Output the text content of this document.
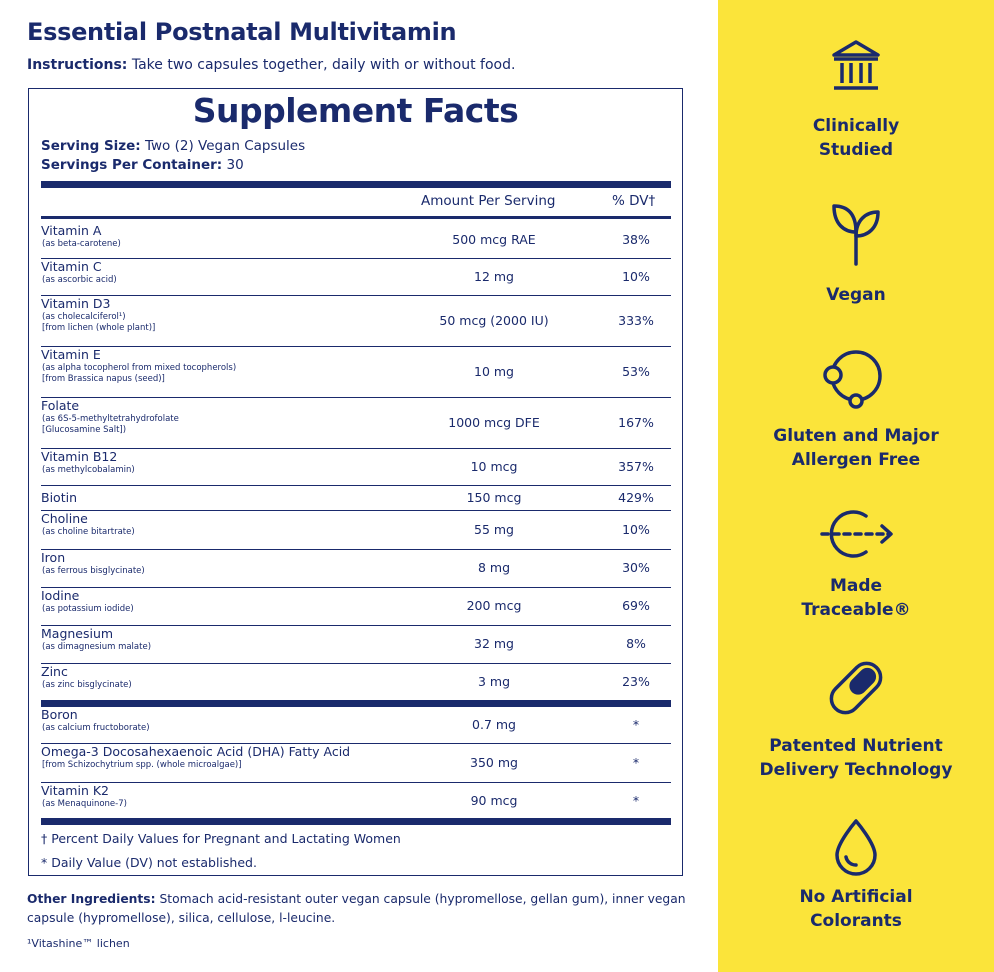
Essential Postnatal Multivitamin
Instructions: Take two capsules together, daily with or without food.
Supplement Facts
Serving Size: Two (2) Vegan Capsules
Servings Per Container: 30
Amount Per Serving	% DV†
Vitamin A
(as beta-carotene)	500 mcg RAE	38%
Vitamin C
(as ascorbic acid)	12 mg	10%
Vitamin D3
(as cholecalciferol¹)
[from lichen (whole plant)]	50 mcg (2000 IU)	333%
Vitamin E
(as alpha tocopherol from mixed tocopherols)
[from Brassica napus (seed)]	10 mg	53%
Folate
(as 6S-5-methyltetrahydrofolate
[Glucosamine Salt])	1000 mcg DFE	167%
Vitamin B12
(as methylcobalamin)	10 mcg	357%
Biotin	150 mcg	429%
Choline
(as choline bitartrate)	55 mg	10%
Iron
(as ferrous bisglycinate)	8 mg	30%
Iodine
(as potassium iodide)	200 mcg	69%
Magnesium
(as dimagnesium malate)	32 mg	8%
Zinc
(as zinc bisglycinate)	3 mg	23%
Boron
(as calcium fructoborate)	0.7 mg	*
Omega-3 Docosahexaenoic Acid (DHA) Fatty Acid
[from Schizochytrium spp. (whole microalgae)]	350 mg	*
Vitamin K2
(as Menaquinone-7)	90 mcg	*
† Percent Daily Values for Pregnant and Lactating Women
* Daily Value (DV) not established.
Other Ingredients: Stomach acid-resistant outer vegan capsule (hypromellose, gellan gum), inner vegan capsule (hypromellose), silica, cellulose, l-leucine.
¹Vitashine™ lichen
Clinically
Studied
Vegan
Gluten and Major
Allergen Free
Made
Traceable®
Patented Nutrient
Delivery Technology
No Artificial
Colorants
